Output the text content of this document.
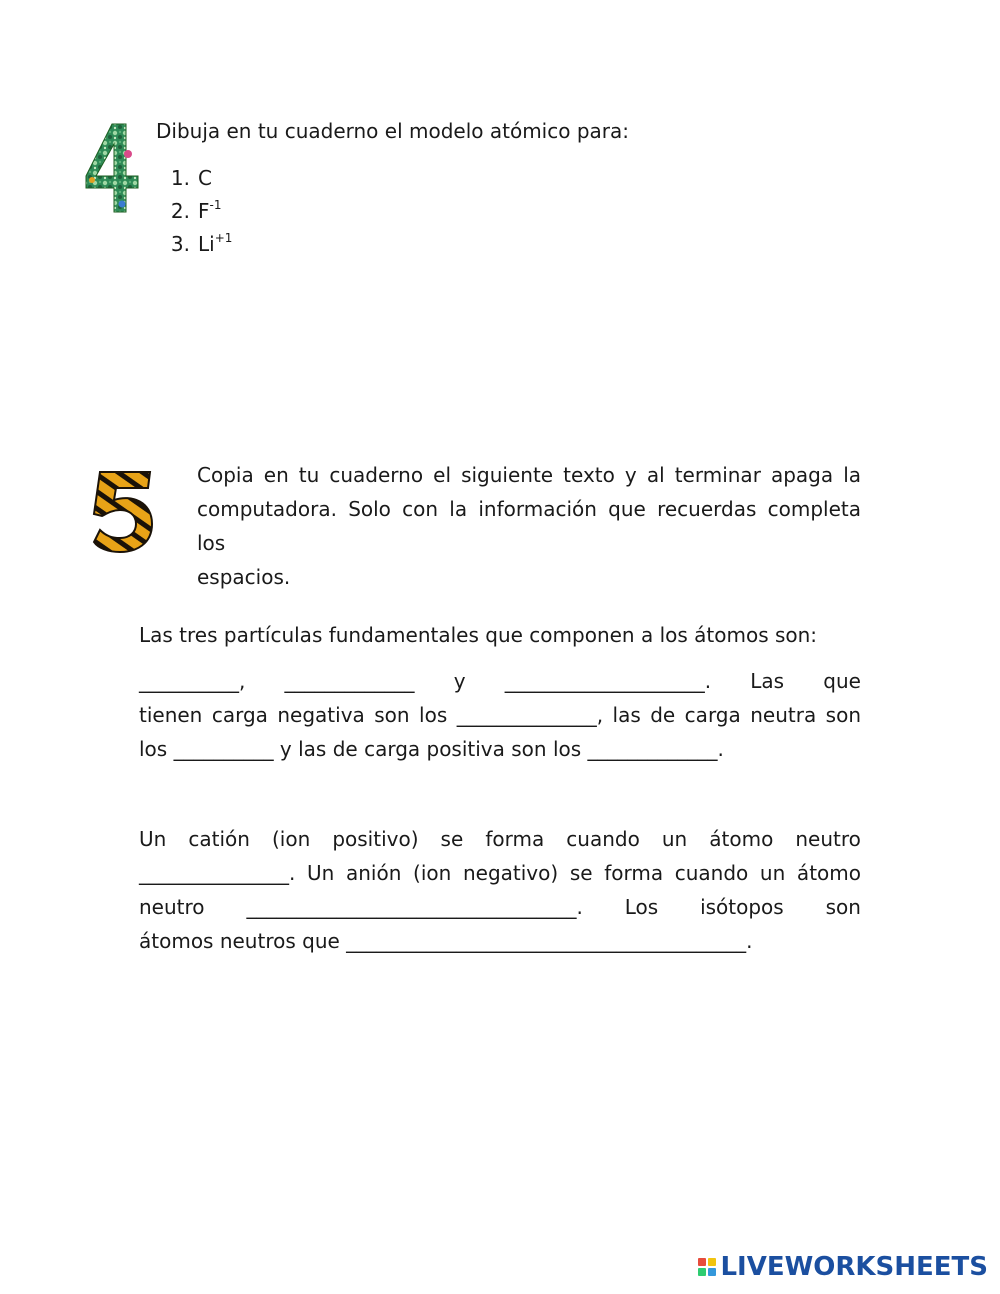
Dibuja en tu cuaderno el modelo atómico para:
1. C
2. $F^{-1}$
3. $Li^{+1}$
Copia en tu cuaderno el siguiente texto y al terminar apaga la
computadora. Solo con la información que recuerdas completa los
espacios.
Las tres partículas fundamentales que componen a los átomos son:
__________, _____________ y ____________________. Las que
tienen carga negativa son los ______________, las de carga neutra son
los __________ y las de carga positiva son los _____________.
Un catión (ion positivo) se forma cuando un átomo neutro
_______________. Un anión (ion negativo) se forma cuando un átomo
neutro _________________________________. Los isótopos son
átomos neutros que ________________________________________.
LIVEWORKSHEETS
